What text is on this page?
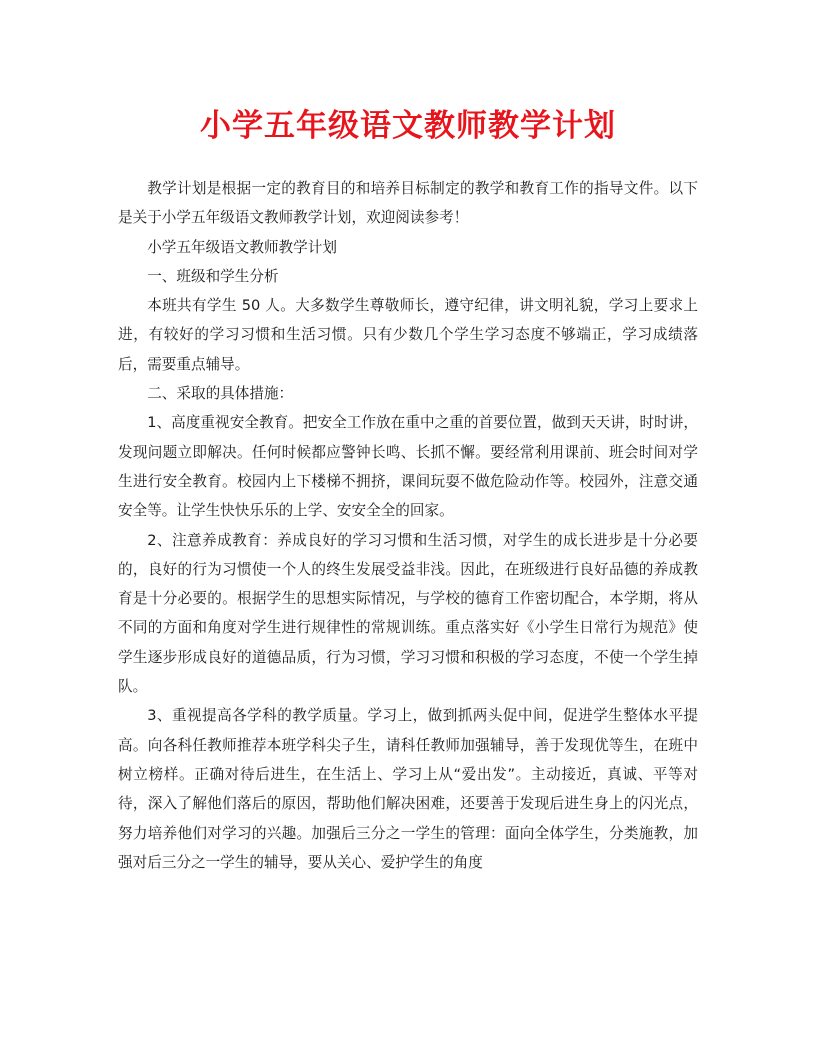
小学五年级语文教师教学计划

教学计划是根据一定的教育目的和培养目标制定的教学和教育工作的指导文件。以下是关于小学五年级语文教师教学计划，欢迎阅读参考！

小学五年级语文教师教学计划

一、班级和学生分析

本班共有学生 50 人。大多数学生尊敬师长，遵守纪律，讲文明礼貌，学习上要求上进，有较好的学习习惯和生活习惯。只有少数几个学生学习态度不够端正，学习成绩落后，需要重点辅导。

二、采取的具体措施：

1、高度重视安全教育。把安全工作放在重中之重的首要位置，做到天天讲，时时讲，发现问题立即解决。任何时候都应警钟长鸣、长抓不懈。要经常利用课前、班会时间对学生进行安全教育。校园内上下楼梯不拥挤，课间玩耍不做危险动作等。校园外，注意交通安全等。让学生快快乐乐的上学、安安全全的回家。

2、注意养成教育：养成良好的学习习惯和生活习惯，对学生的成长进步是十分必要的，良好的行为习惯使一个人的终生发展受益非浅。因此，在班级进行良好品德的养成教育是十分必要的。根据学生的思想实际情况，与学校的德育工作密切配合，本学期，将从不同的方面和角度对学生进行规律性的常规训练。重点落实好《小学生日常行为规范》使学生逐步形成良好的道德品质，行为习惯，学习习惯和积极的学习态度，不使一个学生掉队。

3、重视提高各学科的教学质量。学习上，做到抓两头促中间，促进学生整体水平提高。向各科任教师推荐本班学科尖子生，请科任教师加强辅导，善于发现优等生，在班中树立榜样。正确对待后进生，在生活上、学习上从“爱出发”。主动接近，真诚、平等对待，深入了解他们落后的原因，帮助他们解决困难，还要善于发现后进生身上的闪光点，努力培养他们对学习的兴趣。加强后三分之一学生的管理：面向全体学生，分类施教，加强对后三分之一学生的辅导，要从关心、爱护学生的角度
